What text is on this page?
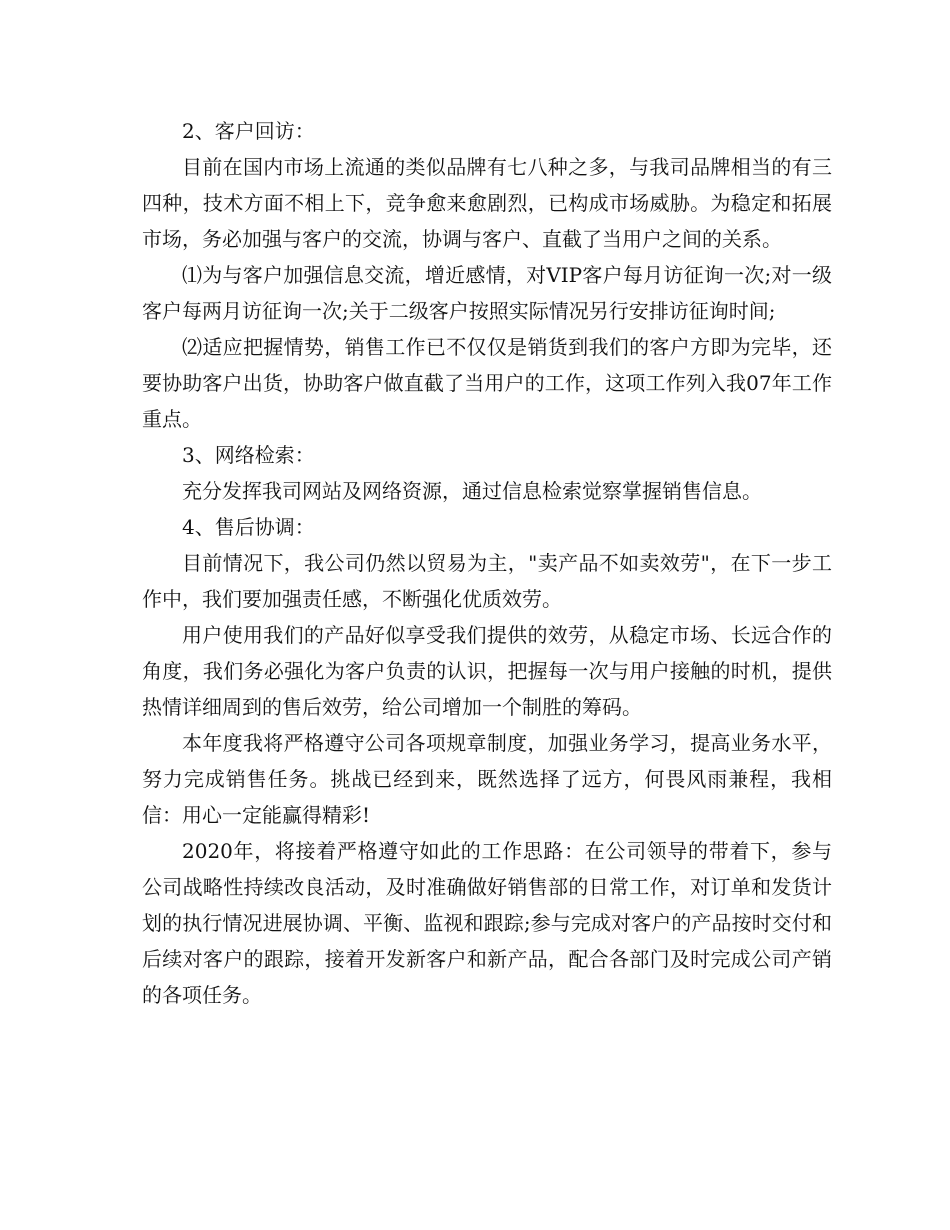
2、客户回访：

目前在国内市场上流通的类似品牌有七八种之多，与我司品牌相当的有三四种，技术方面不相上下，竞争愈来愈剧烈，已构成市场威胁。为稳定和拓展市场，务必加强与客户的交流，协调与客户、直截了当用户之间的关系。

⑴为与客户加强信息交流，增近感情，对VIP客户每月访征询一次;对一级客户每两月访征询一次;关于二级客户按照实际情况另行安排访征询时间;

⑵适应把握情势，销售工作已不仅仅是销货到我们的客户方即为完毕，还要协助客户出货，协助客户做直截了当用户的工作，这项工作列入我07年工作重点。

3、网络检索：

充分发挥我司网站及网络资源，通过信息检索觉察掌握销售信息。

4、售后协调：

目前情况下，我公司仍然以贸易为主，"卖产品不如卖效劳"，在下一步工作中，我们要加强责任感，不断强化优质效劳。

用户使用我们的产品好似享受我们提供的效劳，从稳定市场、长远合作的角度，我们务必强化为客户负责的认识，把握每一次与用户接触的时机，提供热情详细周到的售后效劳，给公司增加一个制胜的筹码。

本年度我将严格遵守公司各项规章制度，加强业务学习，提高业务水平，努力完成销售任务。挑战已经到来，既然选择了远方，何畏风雨兼程，我相信：用心一定能赢得精彩!

2020年，将接着严格遵守如此的工作思路：在公司领导的带着下，参与公司战略性持续改良活动，及时准确做好销售部的日常工作，对订单和发货计划的执行情况进展协调、平衡、监视和跟踪;参与完成对客户的产品按时交付和后续对客户的跟踪，接着开发新客户和新产品，配合各部门及时完成公司产销的各项任务。
